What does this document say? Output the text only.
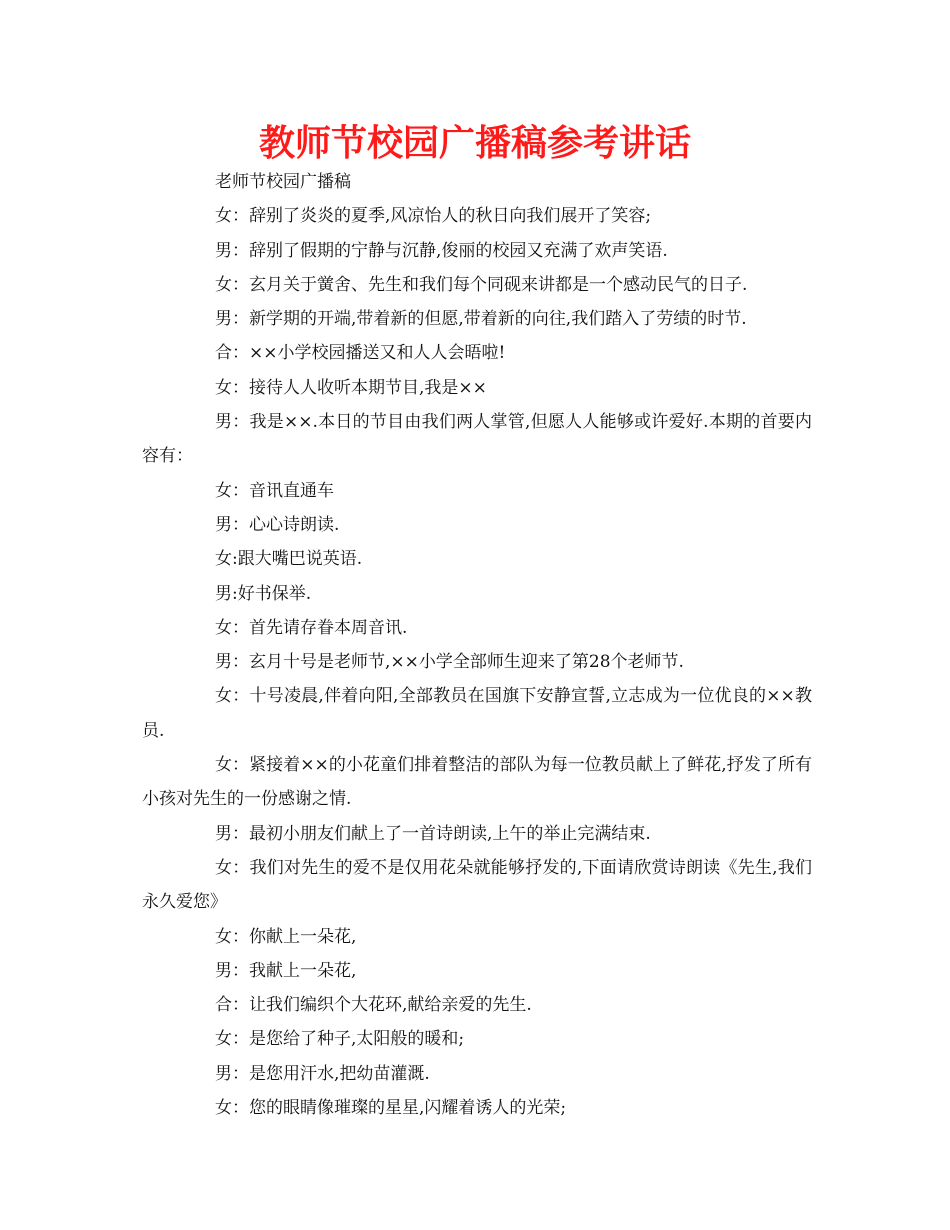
教师节校园广播稿参考讲话

老师节校园广播稿

女：辞别了炎炎的夏季,风凉怡人的秋日向我们展开了笑容;

男：辞别了假期的宁静与沉静,俊丽的校园又充满了欢声笑语.

女：玄月关于黉舍、先生和我们每个同砚来讲都是一个感动民气的日子.

男：新学期的开端,带着新的但愿,带着新的向往,我们踏入了劳绩的时节.

合：××小学校园播送又和人人会晤啦!

女：接待人人收听本期节目,我是××

男：我是××.本日的节目由我们两人掌管,但愿人人能够或许爱好.本期的首要内容有：

女：音讯直通车

男：心心诗朗读.

女:跟大嘴巴说英语.

男:好书保举.

女：首先请存眷本周音讯.

男：玄月十号是老师节,××小学全部师生迎来了第28个老师节.

女：十号凌晨,伴着向阳,全部教员在国旗下安静宣誓,立志成为一位优良的××教员.

女：紧接着××的小花童们排着整洁的部队为每一位教员献上了鲜花,抒发了所有小孩对先生的一份感谢之情.

男：最初小朋友们献上了一首诗朗读,上午的举止完满结束.

女：我们对先生的爱不是仅用花朵就能够抒发的,下面请欣赏诗朗读《先生,我们永久爱您》

女：你献上一朵花,

男：我献上一朵花,

合：让我们编织个大花环,献给亲爱的先生.

女：是您给了种子,太阳般的暖和;

男：是您用汗水,把幼苗灌溉.

女：您的眼睛像璀璨的星星,闪耀着诱人的光荣;
